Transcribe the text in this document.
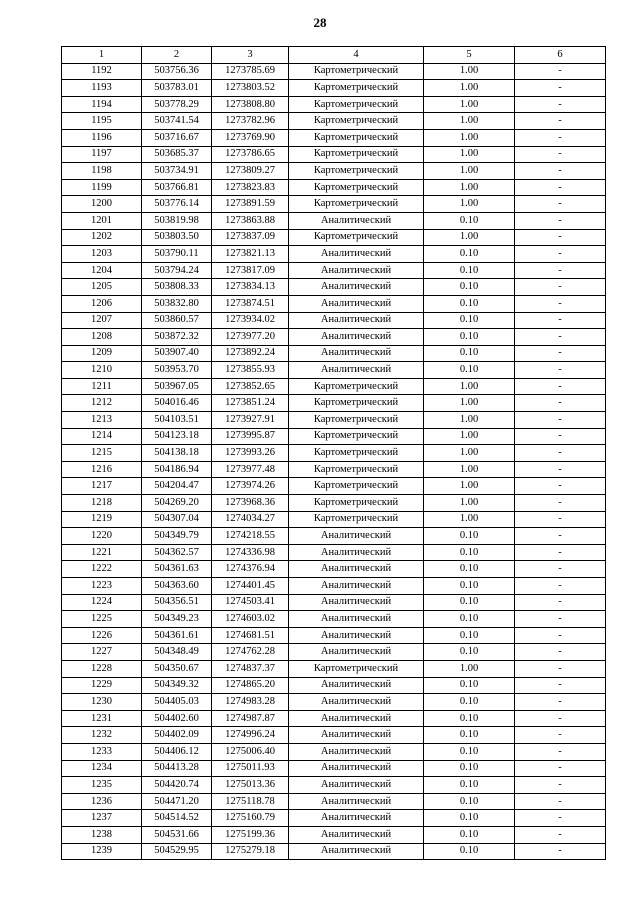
28
1	2	3	4	5	6
1192	503756.36	1273785.69	Картометрический	1.00	-
1193	503783.01	1273803.52	Картометрический	1.00	-
1194	503778.29	1273808.80	Картометрический	1.00	-
1195	503741.54	1273782.96	Картометрический	1.00	-
1196	503716.67	1273769.90	Картометрический	1.00	-
1197	503685.37	1273786.65	Картометрический	1.00	-
1198	503734.91	1273809.27	Картометрический	1.00	-
1199	503766.81	1273823.83	Картометрический	1.00	-
1200	503776.14	1273891.59	Картометрический	1.00	-
1201	503819.98	1273863.88	Аналитический	0.10	-
1202	503803.50	1273837.09	Картометрический	1.00	-
1203	503790.11	1273821.13	Аналитический	0.10	-
1204	503794.24	1273817.09	Аналитический	0.10	-
1205	503808.33	1273834.13	Аналитический	0.10	-
1206	503832.80	1273874.51	Аналитический	0.10	-
1207	503860.57	1273934.02	Аналитический	0.10	-
1208	503872.32	1273977.20	Аналитический	0.10	-
1209	503907.40	1273892.24	Аналитический	0.10	-
1210	503953.70	1273855.93	Аналитический	0.10	-
1211	503967.05	1273852.65	Картометрический	1.00	-
1212	504016.46	1273851.24	Картометрический	1.00	-
1213	504103.51	1273927.91	Картометрический	1.00	-
1214	504123.18	1273995.87	Картометрический	1.00	-
1215	504138.18	1273993.26	Картометрический	1.00	-
1216	504186.94	1273977.48	Картометрический	1.00	-
1217	504204.47	1273974.26	Картометрический	1.00	-
1218	504269.20	1273968.36	Картометрический	1.00	-
1219	504307.04	1274034.27	Картометрический	1.00	-
1220	504349.79	1274218.55	Аналитический	0.10	-
1221	504362.57	1274336.98	Аналитический	0.10	-
1222	504361.63	1274376.94	Аналитический	0.10	-
1223	504363.60	1274401.45	Аналитический	0.10	-
1224	504356.51	1274503.41	Аналитический	0.10	-
1225	504349.23	1274603.02	Аналитический	0.10	-
1226	504361.61	1274681.51	Аналитический	0.10	-
1227	504348.49	1274762.28	Аналитический	0.10	-
1228	504350.67	1274837.37	Картометрический	1.00	-
1229	504349.32	1274865.20	Аналитический	0.10	-
1230	504405.03	1274983.28	Аналитический	0.10	-
1231	504402.60	1274987.87	Аналитический	0.10	-
1232	504402.09	1274996.24	Аналитический	0.10	-
1233	504406.12	1275006.40	Аналитический	0.10	-
1234	504413.28	1275011.93	Аналитический	0.10	-
1235	504420.74	1275013.36	Аналитический	0.10	-
1236	504471.20	1275118.78	Аналитический	0.10	-
1237	504514.52	1275160.79	Аналитический	0.10	-
1238	504531.66	1275199.36	Аналитический	0.10	-
1239	504529.95	1275279.18	Аналитический	0.10	-
